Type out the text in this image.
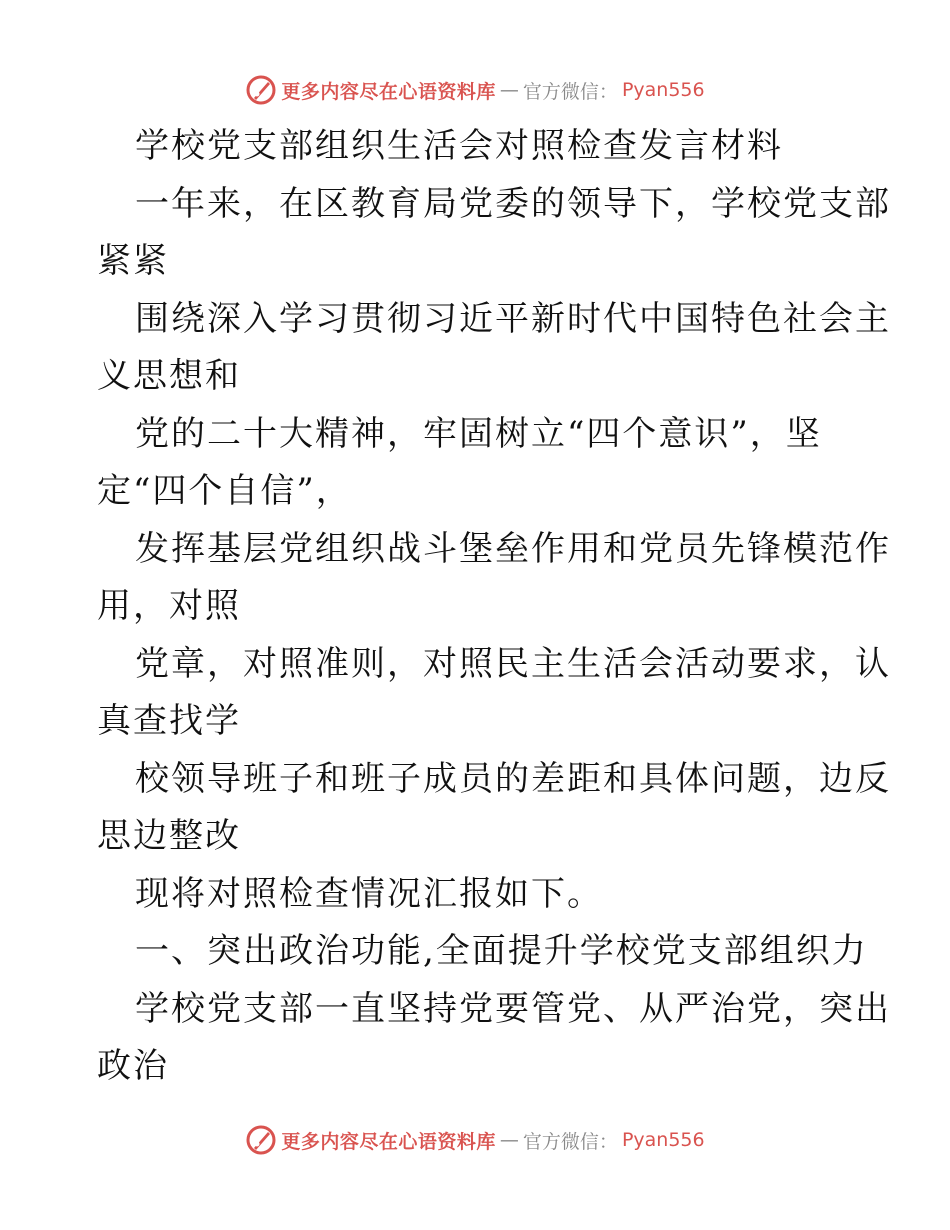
更多内容尽在心语资料库 — 官方微信： Pyan556
学校党支部组织生活会对照检查发言材料
一年来，在区教育局党委的领导下，学校党支部
紧紧
围绕深入学习贯彻习近平新时代中国特色社会主
义思想和
党的二十大精神，牢固树立“四个意识”，坚
定“四个自信”，
发挥基层党组织战斗堡垒作用和党员先锋模范作
用，对照
党章，对照准则，对照民主生活会活动要求，认
真查找学
校领导班子和班子成员的差距和具体问题，边反
思边整改
现将对照检查情况汇报如下。
一、突出政治功能,全面提升学校党支部组织力
学校党支部一直坚持党要管党、从严治党，突出
政治
更多内容尽在心语资料库 — 官方微信： Pyan556
